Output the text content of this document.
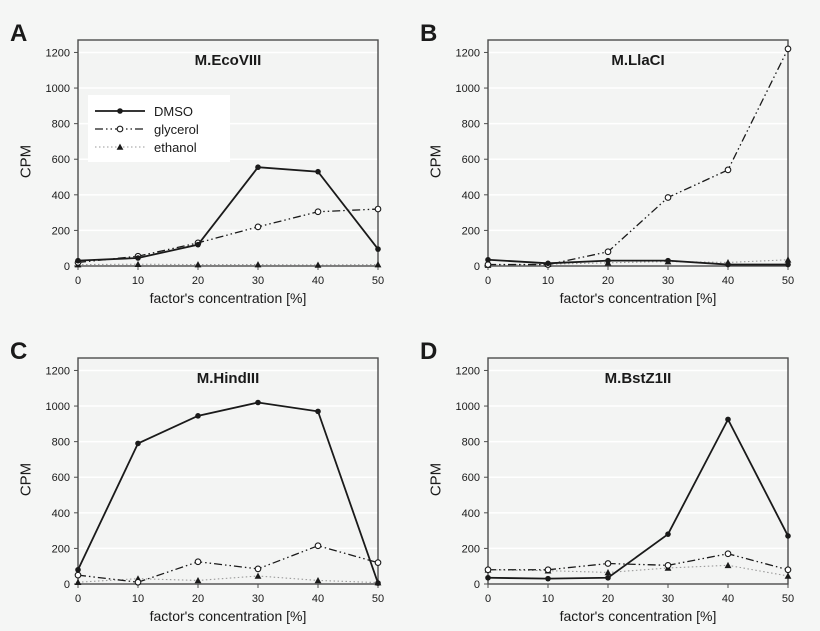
0
200
400
600
800
1000
1200
0	10	20	30	40	50
A
M.EcoVIII
CPM
factor's concentration [%]
DMSO
glycerol
ethanol
0
200
400
600
800
1000
1200
0	10	20	30	40	50
B
M.LlaCI
CPM
factor's concentration [%]
0
200
400
600
800
1000
1200
0	10	20	30	40	50
C
M.HindIII
CPM
factor's concentration [%]
0
200
400
600
800
1000
1200
0	10	20	30	40	50
D
M.BstZ1II
CPM
factor's concentration [%]
